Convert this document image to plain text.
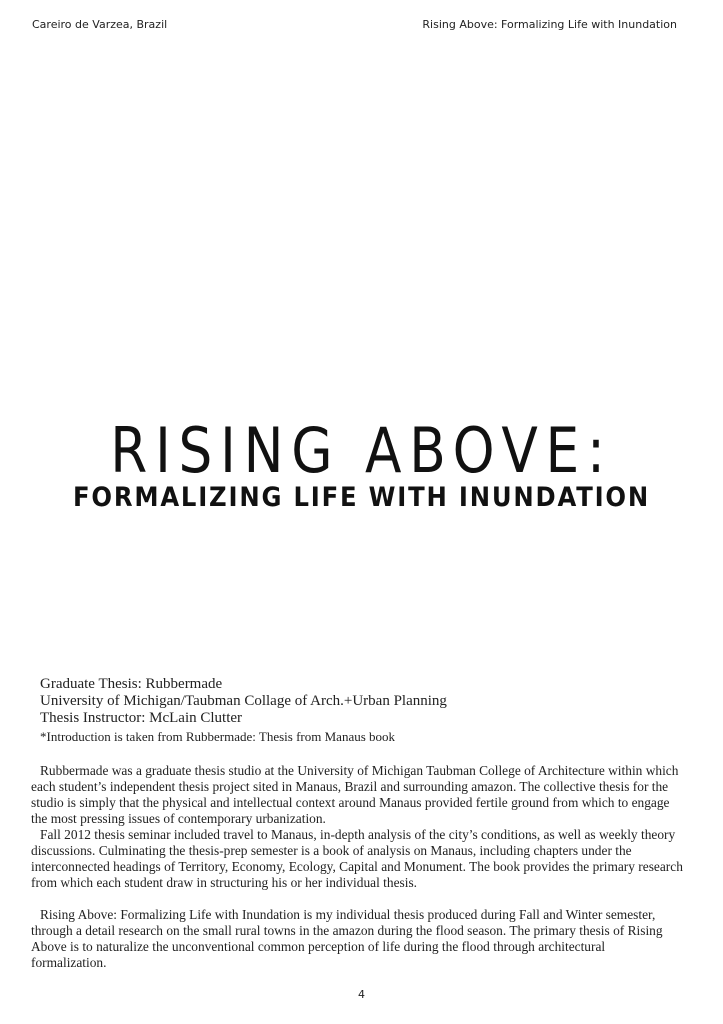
Careiro de Varzea, Brazil	Rising Above: Formalizing Life with Inundation
RISING ABOVE:
FORMALIZING LIFE WITH INUNDATION
Graduate Thesis: Rubbermade
University of Michigan/Taubman Collage of Arch.+Urban Planning
Thesis Instructor: McLain Clutter
*Introduction is taken from Rubbermade: Thesis from Manaus book

Rubbermade was a graduate thesis studio at the University of Michigan Taubman College of Architecture within which each student’s independent thesis project sited in Manaus, Brazil and surrounding amazon. The collective thesis for the studio is simply that the physical and intellectual context around Manaus provided fertile ground from which to engage the most pressing issues of contemporary urbanization.

Fall 2012 thesis seminar included travel to Manaus, in-depth analysis of the city’s conditions, as well as weekly theory discussions. Culminating the thesis-prep semester is a book of analysis on Manaus, including chapters under the interconnected headings of Territory, Economy, Ecology, Capital and Monument. The book provides the primary research from which each student draw in structuring his or her individual thesis.

Rising Above: Formalizing Life with Inundation is my individual thesis produced during Fall and Winter semester, through a detail research on the small rural towns in the amazon during the flood season. The primary thesis of Rising Above is to naturalize the unconventional common perception of life during the flood through architectural formalization.

4
